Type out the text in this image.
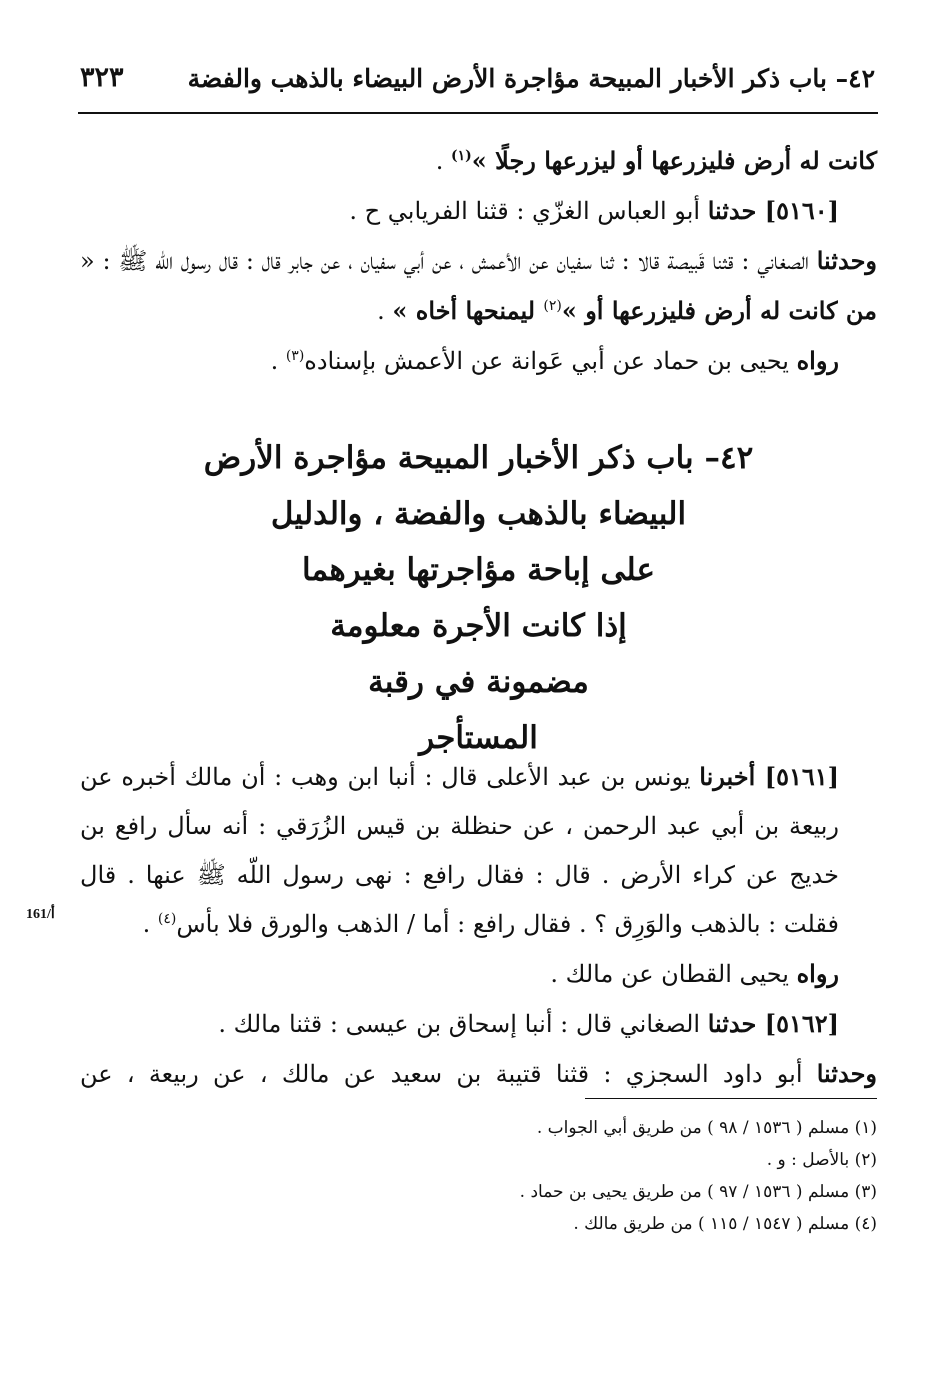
٤٢– باب ذكر الأخبار المبيحة مؤاجرة الأرض البيضاء بالذهب والفضة
٣٢٣

كانت له أرض فليزرعها أو ليزرعها رجلًا »$^{(١)}$ .

[٥١٦٠] حدثنا أبو العباس الغزّي : قثنا الفريابي ح .

وحدثنا الصغاني : قثنا قَبيصة قالا : ثنا سفيان عن الأعمش ، عن أبي سفيان ، عن جابر قال : قال رسول اللّه ﷺ : « من كانت له أرض فليزرعها أو »$^{(٢)}$ ليمنحها أخاه » .

رواه يحيى بن حماد عن أبي عَوانة عن الأعمش بإسناده$^{(٣)}$ .

٤٢– باب ذكر الأخبار المبيحة مؤاجرة الأرض
البيضاء بالذهب والفضة ، والدليل
على إباحة مؤاجرتها بغيرهما
إذا كانت الأجرة معلومة
مضمونة في رقبة
المستأجر

[٥١٦١] أخبرنا يونس بن عبد الأعلى قال : أنبا ابن وهب : أن مالك أخبره عن ربيعة بن أبي عبد الرحمن ، عن حنظلة بن قيس الزُرَقي : أنه سأل رافع بن خديج عن كراء الأرض . قال : فقال رافع : نهى رسول اللّه ﷺ عنها . قال فقلت : بالذهب والوَرِق ؟ . فقال رافع : أما / الذهب والورق فلا بأس$^{(٤)}$ .

رواه يحيى القطان عن مالك .

[٥١٦٢] حدثنا الصغاني قال : أنبا إسحاق بن عيسى : قثنا مالك .

وحدثنا أبو داود السجزي : قثنا قتيبة بن سعيد عن مالك ، عن ربيعة ، عن

161/أ
(١) مسلم ( ١٥٣٦ / ٩٨ ) من طريق أبي الجواب .
(٢) بالأصل : و .
(٣) مسلم ( ١٥٣٦ / ٩٧ ) من طريق يحيى بن حماد .
(٤) مسلم ( ١٥٤٧ / ١١٥ ) من طريق مالك .
